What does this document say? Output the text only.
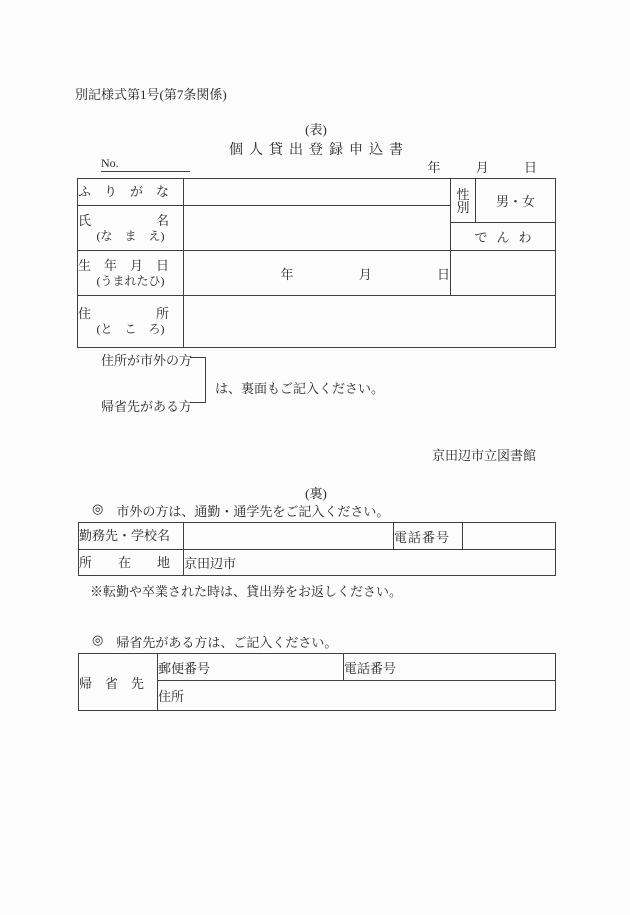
別記様式第1号(第7条関係)
(表)
個人貸出登録申込書
No.	年	月	日
ふ　り　が　な		性別	男・女

氏　　　　　名
(な　ま　え)			

		でんわ	

生　年　月　日
(うまれたひ)	年 月 日		

住　　　　　所
(と　こ　ろ)			

住所が市外の方
帰省先がある方
は、裏面もご記入ください。
京田辺市立図書館
(裏)
◎ 市外の方は、通勤・通学先をご記入ください。
勤務先・学校名		電話番号	

所　　在　　地	京田辺市		
※転勤や卒業された時は、貸出券をお返しください。
◎ 帰省先がある方は、ご記入ください。
帰　省　先	郵便番号	電話番号
住所
